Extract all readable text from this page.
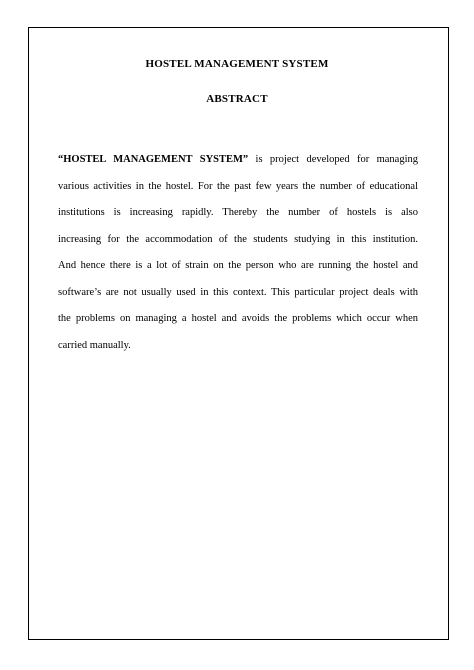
HOSTEL MANAGEMENT SYSTEM
ABSTRACT
“HOSTEL MANAGEMENT SYSTEM” is project developed for managing
various activities in the hostel. For the past few years the number of educational
institutions is increasing rapidly. Thereby the number of hostels is also
increasing for the accommodation of the students studying in this institution.
And hence there is a lot of strain on the person who are running the hostel and
software’s are not usually used in this context. This particular project deals with
the problems on managing a hostel and avoids the problems which occur when
carried manually.
